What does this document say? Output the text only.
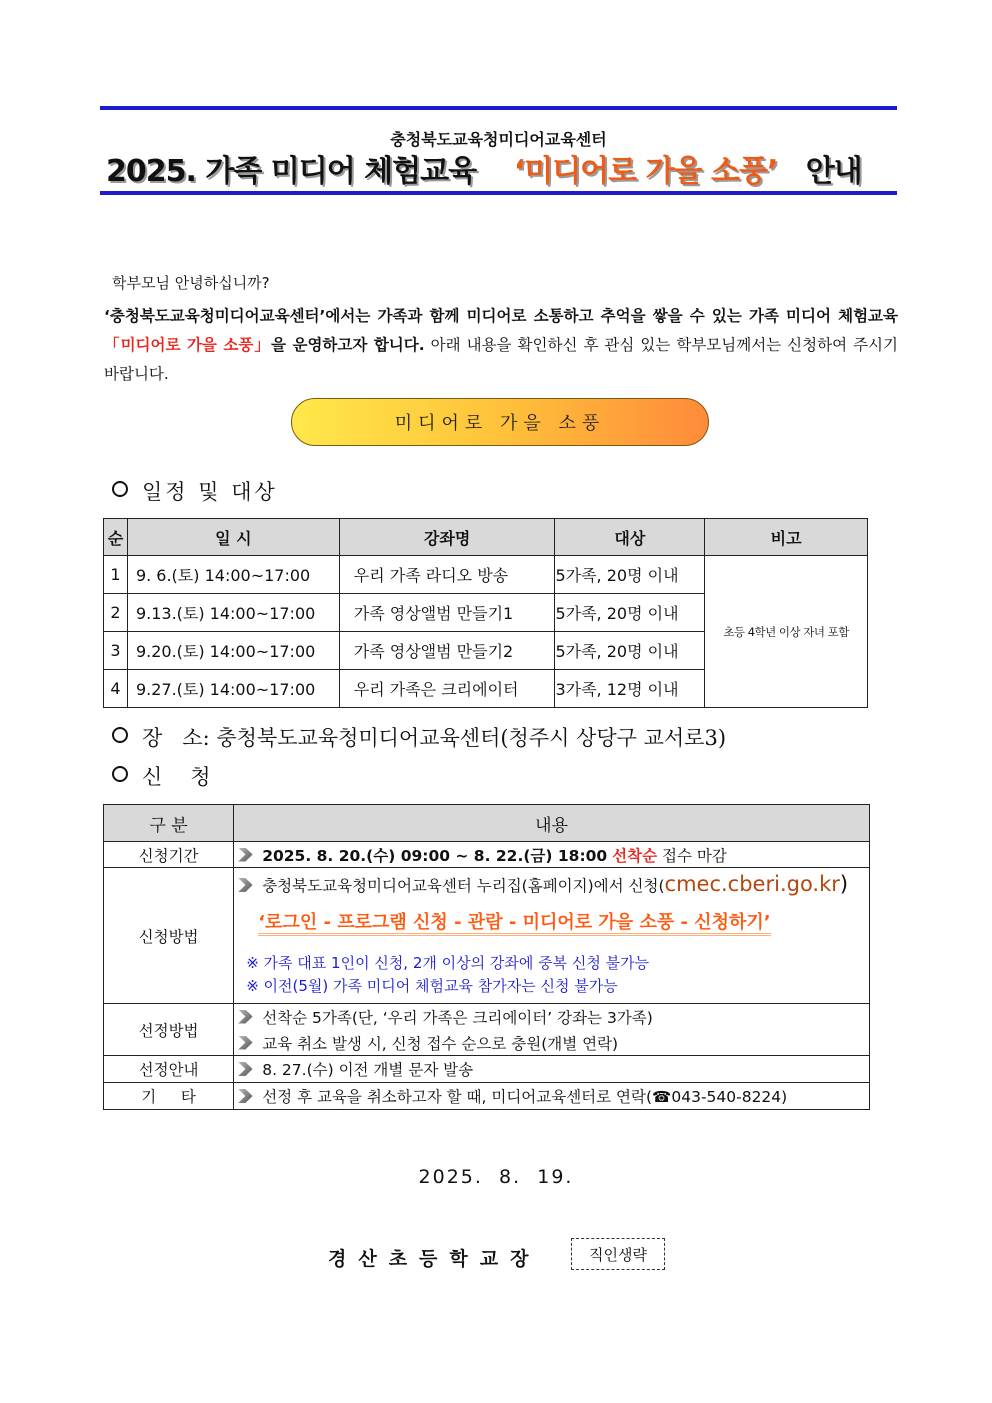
충청북도교육청미디어교육센터
2025. 가족 미디어 체험교육 ‘미디어로 가을 소풍’ 안내
학부모님 안녕하십니까?
‘충청북도교육청미디어교육센터’에서는 가족과 함께 미디어로 소통하고 추억을 쌓을 수 있는 가족 미디어 체험교육 「미디어로 가을 소풍」을 운영하고자 합니다. 아래 내용을 확인하신 후 관심 있는 학부모님께서는 신청하여 주시기 바랍니다.
미디어로 가을 소풍
일정 및 대상
순	일 시	강좌명	대상	비고
1	9. 6.(토) 14:00~17:00	우리 가족 라디오 방송	5가족, 20명 이내	초등 4학년 이상 자녀 포함
2	9.13.(토) 14:00~17:00	가족 영상앨범 만들기1	5가족, 20명 이내	
3	9.20.(토) 14:00~17:00	가족 영상앨범 만들기2	5가족, 20명 이내	
4	9.27.(토) 14:00~17:00	우리 가족은 크리에이터	3가족, 12명 이내	
장   소: 충청북도교육청미디어교육센터(청주시 상당구 교서로3)
신   청
구 분	내용
신청기간	2025. 8. 20.(수) 09:00 ~ 8. 22.(금) 18:00 선착순 접수 마감
신청방법	충청북도교육청미디어교육센터 누리집(홈페이지)에서 신청(cmec.cberi.go.kr)
‘로그인 - 프로그램 신청 - 관람 - 미디어로 가을 소풍 - 신청하기’
※ 가족 대표 1인이 신청, 2개 이상의 강좌에 중복 신청 불가능
※ 이전(5월) 가족 미디어 체험교육 참가자는 신청 불가능

선정방법	선착순 5가족(단, ‘우리 가족은 크리에이터’ 강좌는 3가족)
교육 취소 발생 시, 신청 접수 순으로 충원(개별 연락)

선정안내	8. 27.(수) 이전 개별 문자 발송
기     타	선정 후 교육을 취소하고자 할 때, 미디어교육센터로 연락(☎043-540-8224)
2025.  8.  19.
경산초등학교장	직인생략
